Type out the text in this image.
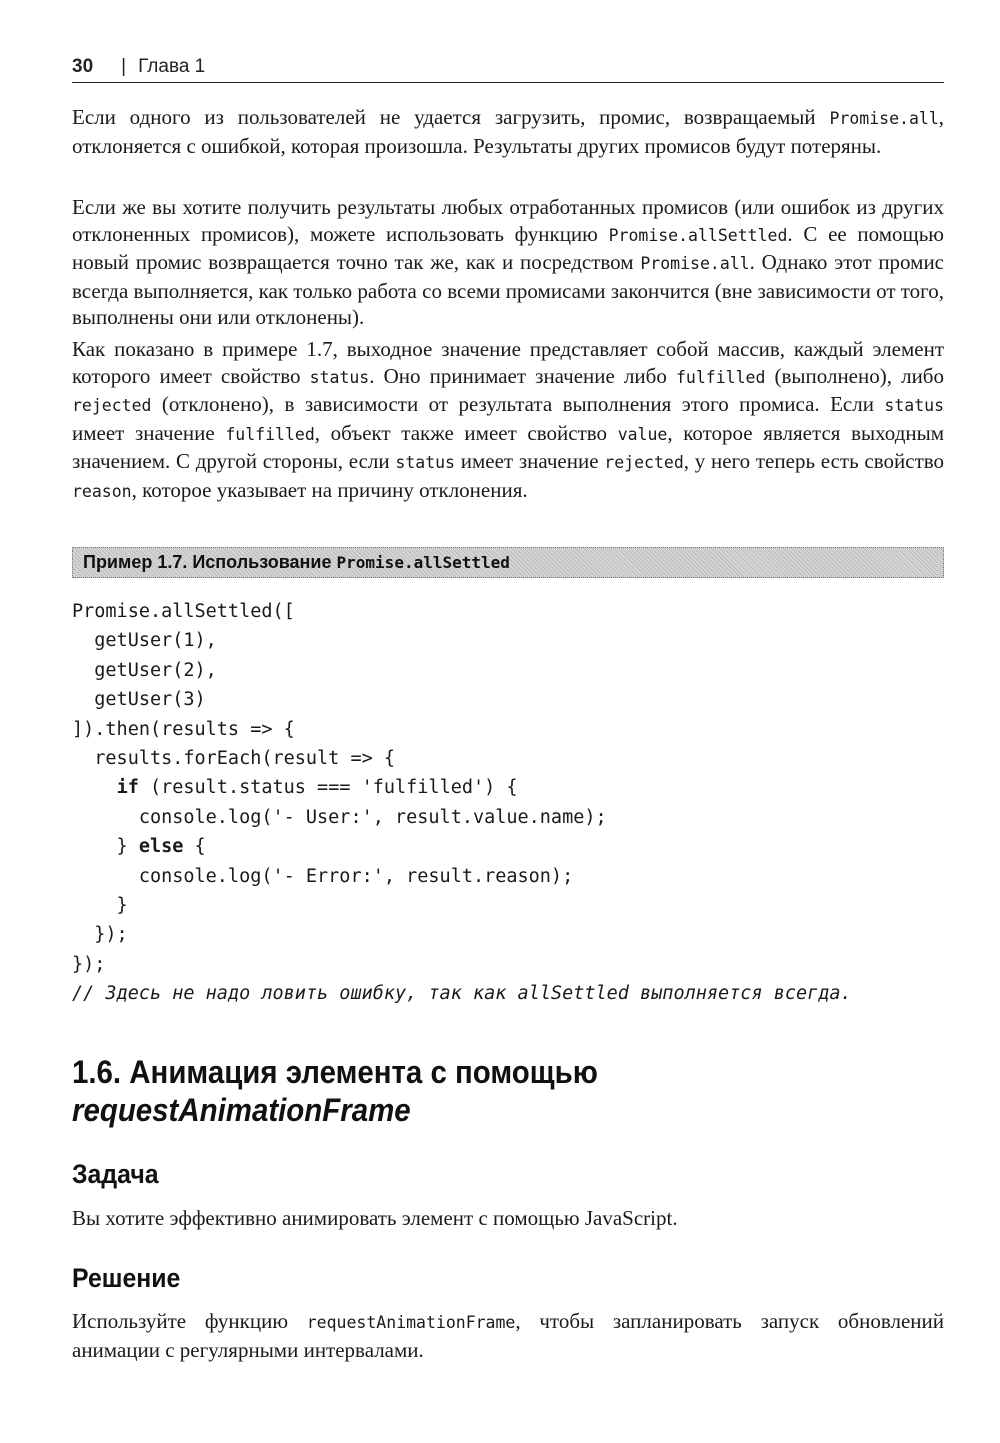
30 | Глава 1

Если одного из пользователей не удается загрузить, промис, возвращаемый Promise.all, отклоняется с ошибкой, которая произошла. Результаты других промисов будут потеряны.

Если же вы хотите получить результаты любых отработанных промисов (или ошибок из других отклоненных промисов), можете использовать функцию Promise.allSettled. С ее помощью новый промис возвращается точно так же, как и посредством Promise.all. Однако этот промис всегда выполняется, как только работа со всеми промисами закончится (вне зависимости от того, выполнены они или отклонены).

Как показано в примере 1.7, выходное значение представляет собой массив, каждый элемент которого имеет свойство status. Оно принимает значение либо fulfilled (выполнено), либо rejected (отклонено), в зависимости от результата выполнения этого промиса. Если status имеет значение fulfilled, объект также имеет свойство value, которое является выходным значением. С другой стороны, если status имеет значение rejected, у него теперь есть свойство reason, которое указывает на причину отклонения.

Пример 1.7. Использование Promise.allSettled
Promise.allSettled([
getUser(1),
getUser(2),
getUser(3)
]).then(results => {
results.forEach(result => {
if (result.status === 'fulfilled') {
console.log('- User:', result.value.name);
} else {
console.log('- Error:', result.reason);
}
});
});
// Здесь не надо ловить ошибку, так как allSettled выполняется всегда.
1.6. Анимация элемента с помощью
requestAnimationFrame
Задача

Вы хотите эффективно анимировать элемент с помощью JavaScript.

Решение

Используйте функцию requestAnimationFrame, чтобы запланировать запуск обновлений анимации с регулярными интервалами.
